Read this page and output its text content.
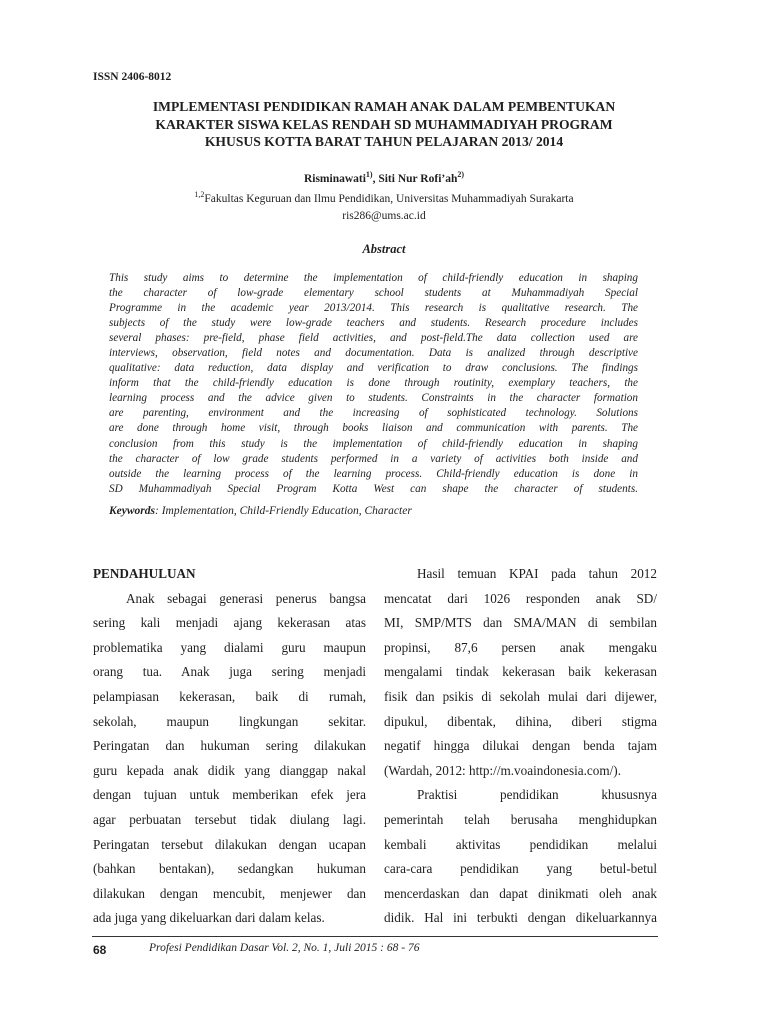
ISSN 2406-8012
IMPLEMENTASI PENDIDIKAN RAMAH ANAK DALAM PEMBENTUKAN
KARAKTER SISWA KELAS RENDAH SD MUHAMMADIYAH PROGRAM
KHUSUS KOTTA BARAT TAHUN PELAJARAN 2013/ 2014
Risminawati$^{1)}$, Siti Nur $Rofi’ah^{2)}$
$^{1,2}$Fakultas Keguruan dan Ilmu Pendidikan, Universitas Muhammadiyah Surakarta
ris286@ums.ac.id
Abstract
This study aims to determine the implementation of child-friendly education in shaping
the character of low-grade elementary school students at Muhammadiyah Special
Programme in the academic year 2013/2014. This research is qualitative research. The
subjects of the study were low-grade teachers and students. Research procedure includes
several phases: pre-field, phase field activities, and post-field.The data collection used are
interviews, observation, field notes and documentation. Data is analized through descriptive
qualitative: data reduction, data display and verification to draw conclusions. The findings
inform that the child-friendly education is done through routinity, exemplary teachers, the
learning process and the advice given to students. Constraints in the character formation
are parenting, environment and the increasing of sophisticated technology. Solutions
are done through home visit, through books liaison and communication with parents. The
conclusion from this study is the implementation of child-friendly education in shaping
the character of low grade students performed in a variety of activities both inside and
outside the learning process of the learning process. Child-friendly education is done in
SD Muhammadiyah Special Program Kotta West can shape the character of students.
Keywords: Implementation, Child-Friendly Education, Character
PENDAHULUAN
Anak sebagai generasi penerus bangsa
sering kali menjadi ajang kekerasan atas
problematika yang dialami guru maupun
orang tua. Anak juga sering menjadi
pelampiasan kekerasan, baik di rumah,
sekolah, maupun lingkungan sekitar.
Peringatan dan hukuman sering dilakukan
guru kepada anak didik yang dianggap nakal
dengan tujuan untuk memberikan efek jera
agar perbuatan tersebut tidak diulang lagi.
Peringatan tersebut dilakukan dengan ucapan
(bahkan bentakan), sedangkan hukuman
dilakukan dengan mencubit, menjewer dan
ada juga yang dikeluarkan dari dalam kelas.
Hasil temuan KPAI pada tahun 2012
mencatat dari 1026 responden anak SD/
MI, SMP/MTS dan SMA/MAN di sembilan
propinsi, 87,6 persen anak mengaku
mengalami tindak kekerasan baik kekerasan
fisik dan psikis di sekolah mulai dari dijewer,
dipukul, dibentak, dihina, diberi stigma
negatif hingga dilukai dengan benda tajam
(Wardah, 2012: http://m.voaindonesia.com/).
Praktisi pendidikan khususnya
pemerintah telah berusaha menghidupkan
kembali aktivitas pendidikan melalui
cara-cara pendidikan yang betul-betul
mencerdaskan dan dapat dinikmati oleh anak
didik. Hal ini terbukti dengan dikeluarkannya
68	Profesi Pendidikan Dasar Vol. 2, No. 1, Juli 2015 : 68 - 76
